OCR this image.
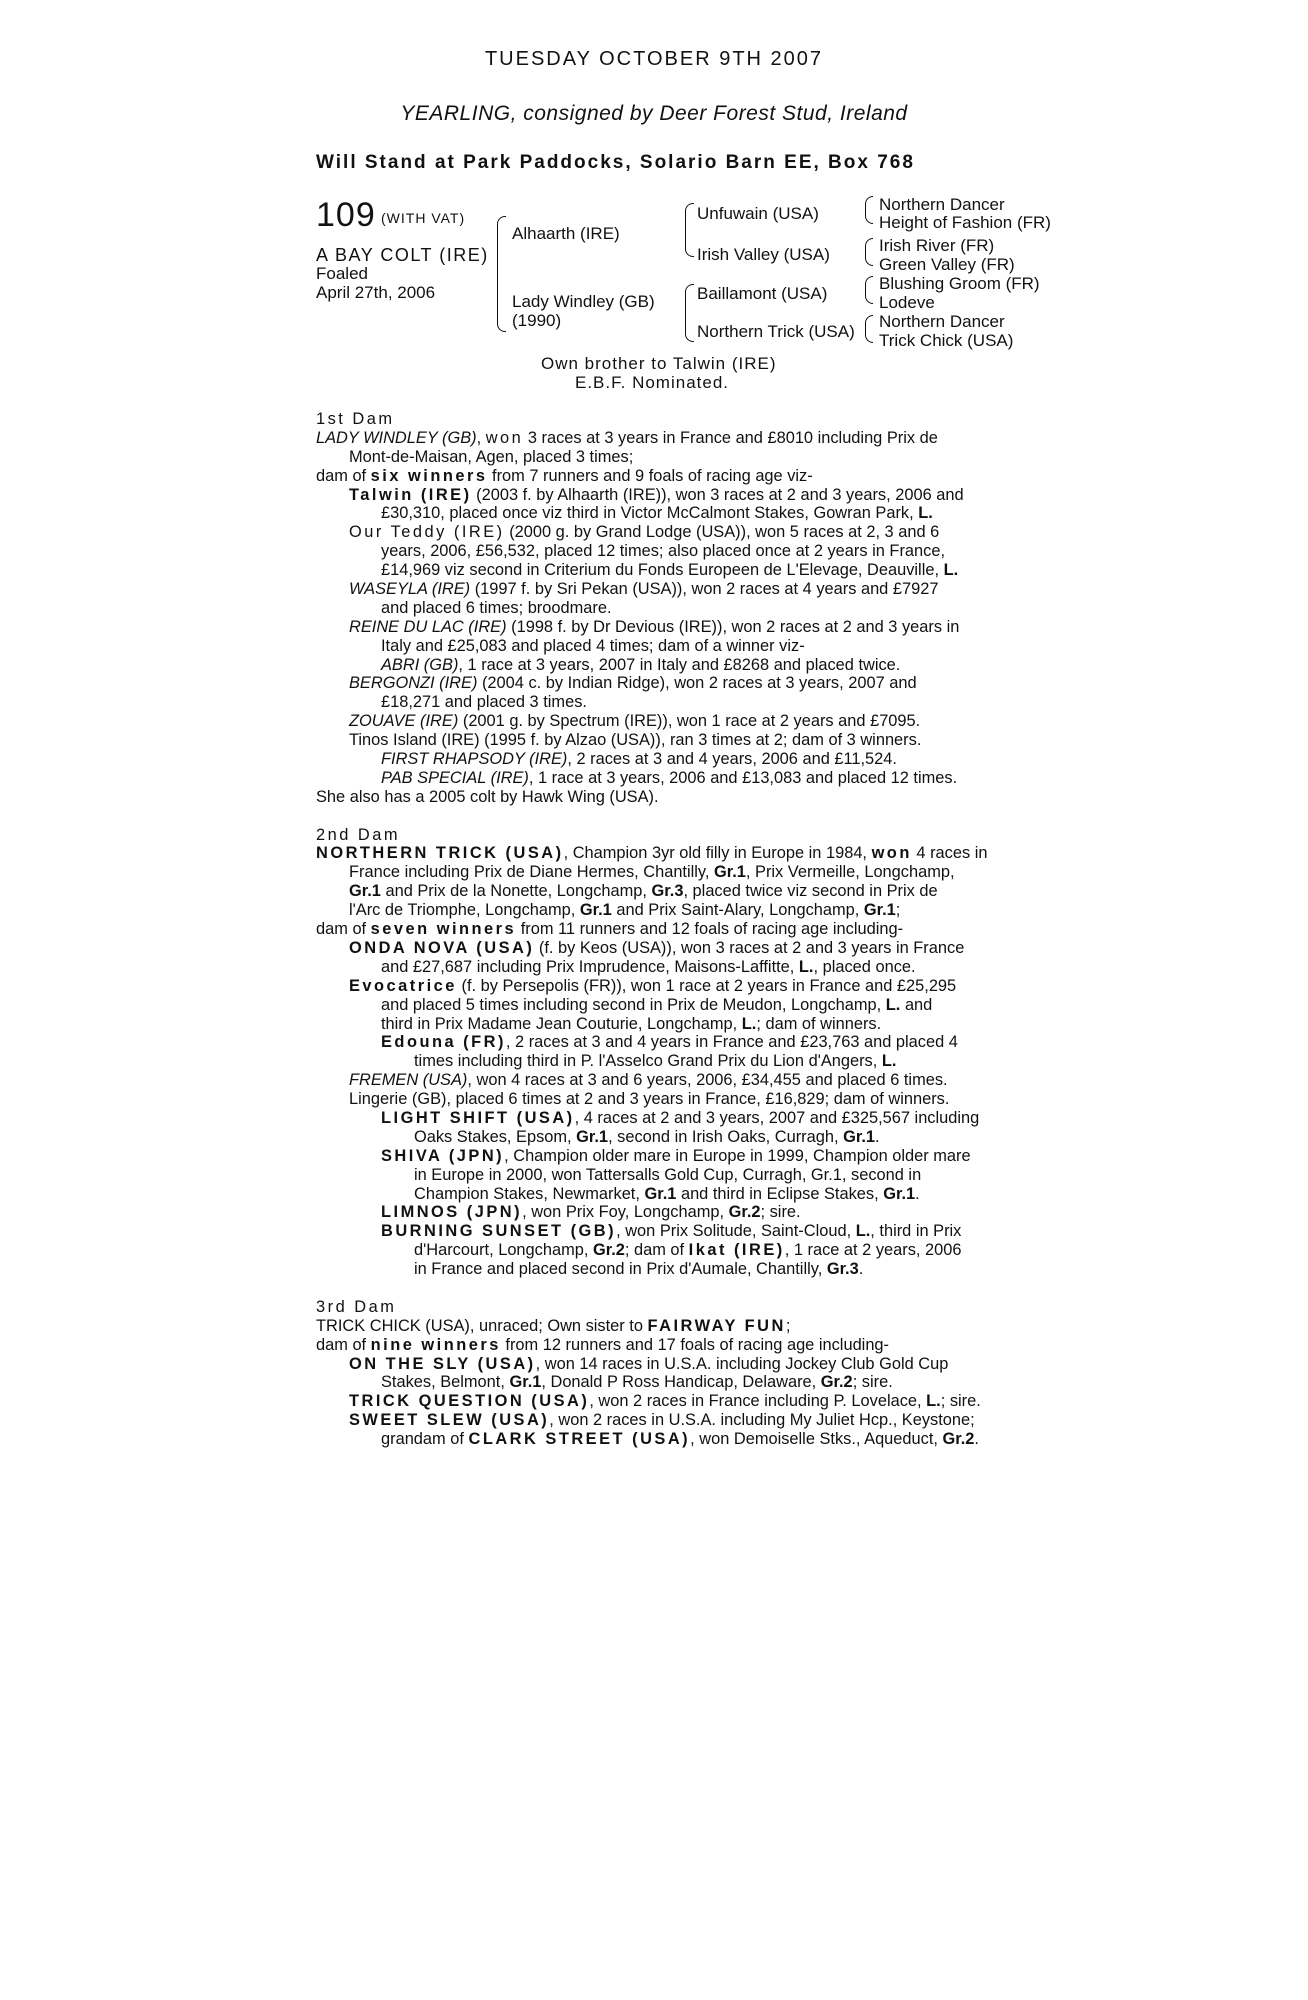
TUESDAY OCTOBER 9TH 2007
YEARLING, consigned by Deer Forest Stud, Ireland
Will Stand at Park Paddocks, Solario Barn EE, Box 768
109 (WITH VAT)
A BAY COLT (IRE)
Foaled
April 27th, 2006
Alhaarth (IRE)
Lady Windley (GB)
(1990)
Unfuwain (USA)
Irish Valley (USA)
Baillamont (USA)
Northern Trick (USA)
Northern Dancer
Height of Fashion (FR)
Irish River (FR)
Green Valley (FR)
Blushing Groom (FR)
Lodeve
Northern Dancer
Trick Chick (USA)
Own brother to Talwin (IRE)
E.B.F. Nominated.
1st Dam
LADY WINDLEY (GB), won 3 races at 3 years in France and £8010 including Prix de
Mont-de-Maisan, Agen, placed 3 times;
dam of six winners from 7 runners and 9 foals of racing age viz-
Talwin (IRE) (2003 f. by Alhaarth (IRE)), won 3 races at 2 and 3 years, 2006 and
£30,310, placed once viz third in Victor McCalmont Stakes, Gowran Park, L.
Our Teddy (IRE) (2000 g. by Grand Lodge (USA)), won 5 races at 2, 3 and 6
years, 2006, £56,532, placed 12 times; also placed once at 2 years in France,
£14,969 viz second in Criterium du Fonds Europeen de L'Elevage, Deauville, L.
WASEYLA (IRE) (1997 f. by Sri Pekan (USA)), won 2 races at 4 years and £7927
and placed 6 times; broodmare.
REINE DU LAC (IRE) (1998 f. by Dr Devious (IRE)), won 2 races at 2 and 3 years in
Italy and £25,083 and placed 4 times; dam of a winner viz-
ABRI (GB), 1 race at 3 years, 2007 in Italy and £8268 and placed twice.
BERGONZI (IRE) (2004 c. by Indian Ridge), won 2 races at 3 years, 2007 and
£18,271 and placed 3 times.
ZOUAVE (IRE) (2001 g. by Spectrum (IRE)), won 1 race at 2 years and £7095.
Tinos Island (IRE) (1995 f. by Alzao (USA)), ran 3 times at 2; dam of 3 winners.
FIRST RHAPSODY (IRE), 2 races at 3 and 4 years, 2006 and £11,524.
PAB SPECIAL (IRE), 1 race at 3 years, 2006 and £13,083 and placed 12 times.
She also has a 2005 colt by Hawk Wing (USA).
2nd Dam
NORTHERN TRICK (USA), Champion 3yr old filly in Europe in 1984, won 4 races in
France including Prix de Diane Hermes, Chantilly, Gr.1, Prix Vermeille, Longchamp,
Gr.1 and Prix de la Nonette, Longchamp, Gr.3, placed twice viz second in Prix de
l'Arc de Triomphe, Longchamp, Gr.1 and Prix Saint-Alary, Longchamp, Gr.1;
dam of seven winners from 11 runners and 12 foals of racing age including-
ONDA NOVA (USA) (f. by Keos (USA)), won 3 races at 2 and 3 years in France
and £27,687 including Prix Imprudence, Maisons-Laffitte, L., placed once.
Evocatrice (f. by Persepolis (FR)), won 1 race at 2 years in France and £25,295
and placed 5 times including second in Prix de Meudon, Longchamp, L. and
third in Prix Madame Jean Couturie, Longchamp, L.; dam of winners.
Edouna (FR), 2 races at 3 and 4 years in France and £23,763 and placed 4
times including third in P. l'Asselco Grand Prix du Lion d'Angers, L.
FREMEN (USA), won 4 races at 3 and 6 years, 2006, £34,455 and placed 6 times.
Lingerie (GB), placed 6 times at 2 and 3 years in France, £16,829; dam of winners.
LIGHT SHIFT (USA), 4 races at 2 and 3 years, 2007 and £325,567 including
Oaks Stakes, Epsom, Gr.1, second in Irish Oaks, Curragh, Gr.1.
SHIVA (JPN), Champion older mare in Europe in 1999, Champion older mare
in Europe in 2000, won Tattersalls Gold Cup, Curragh, Gr.1, second in
Champion Stakes, Newmarket, Gr.1 and third in Eclipse Stakes, Gr.1.
LIMNOS (JPN), won Prix Foy, Longchamp, Gr.2; sire.
BURNING SUNSET (GB), won Prix Solitude, Saint-Cloud, L., third in Prix
d'Harcourt, Longchamp, Gr.2; dam of Ikat (IRE), 1 race at 2 years, 2006
in France and placed second in Prix d'Aumale, Chantilly, Gr.3.
3rd Dam
TRICK CHICK (USA), unraced; Own sister to FAIRWAY FUN;
dam of nine winners from 12 runners and 17 foals of racing age including-
ON THE SLY (USA), won 14 races in U.S.A. including Jockey Club Gold Cup
Stakes, Belmont, Gr.1, Donald P Ross Handicap, Delaware, Gr.2; sire.
TRICK QUESTION (USA), won 2 races in France including P. Lovelace, L.; sire.
SWEET SLEW (USA), won 2 races in U.S.A. including My Juliet Hcp., Keystone;
grandam of CLARK STREET (USA), won Demoiselle Stks., Aqueduct, Gr.2.
